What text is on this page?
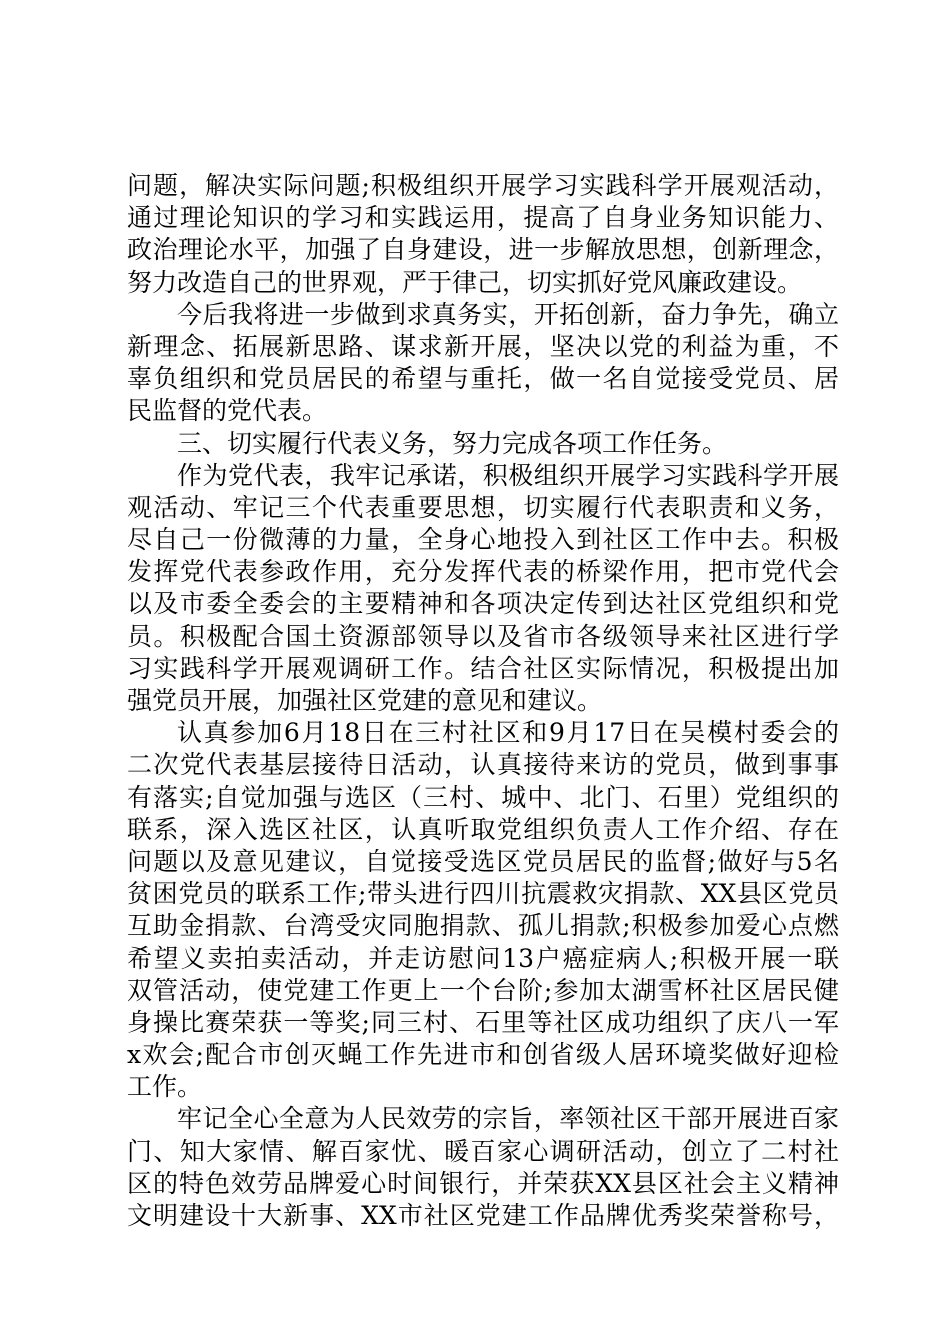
问题，解决实际问题;积极组织开展学习实践科学开展观活动，
通过理论知识的学习和实践运用，提高了自身业务知识能力、
政治理论水平，加强了自身建设，进一步解放思想，创新理念，
努力改造自己的世界观，严于律己，切实抓好党风廉政建设。
今后我将进一步做到求真务实，开拓创新，奋力争先，确立
新理念、拓展新思路、谋求新开展，坚决以党的利益为重，不
辜负组织和党员居民的希望与重托，做一名自觉接受党员、居
民监督的党代表。
三、切实履行代表义务，努力完成各项工作任务。
作为党代表，我牢记承诺，积极组织开展学习实践科学开展
观活动、牢记三个代表重要思想，切实履行代表职责和义务，
尽自己一份微薄的力量，全身心地投入到社区工作中去。积极
发挥党代表参政作用，充分发挥代表的桥梁作用，把市党代会
以及市委全委会的主要精神和各项决定传到达社区党组织和党
员。积极配合国土资源部领导以及省市各级领导来社区进行学
习实践科学开展观调研工作。结合社区实际情况，积极提出加
强党员开展，加强社区党建的意见和建议。
认真参加6月18日在三村社区和9月17日在吴模村委会的
二次党代表基层接待日活动，认真接待来访的党员，做到事事
有落实;自觉加强与选区（三村、城中、北门、石里）党组织的
联系，深入选区社区，认真听取党组织负责人工作介绍、存在
问题以及意见建议，自觉接受选区党员居民的监督;做好与5名
贫困党员的联系工作;带头进行四川抗震救灾捐款、XX县区党员
互助金捐款、台湾受灾同胞捐款、孤儿捐款;积极参加爱心点燃
希望义卖拍卖活动，并走访慰问13户癌症病人;积极开展一联
双管活动，使党建工作更上一个台阶;参加太湖雪杯社区居民健
身操比赛荣获一等奖;同三村、石里等社区成功组织了庆八一军
x欢会;配合市创灭蝇工作先进市和创省级人居环境奖做好迎检
工作。
牢记全心全意为人民效劳的宗旨，率领社区干部开展进百家
门、知大家情、解百家忧、暖百家心调研活动，创立了二村社
区的特色效劳品牌爱心时间银行，并荣获XX县区社会主义精神
文明建设十大新事、XX市社区党建工作品牌优秀奖荣誉称号，
